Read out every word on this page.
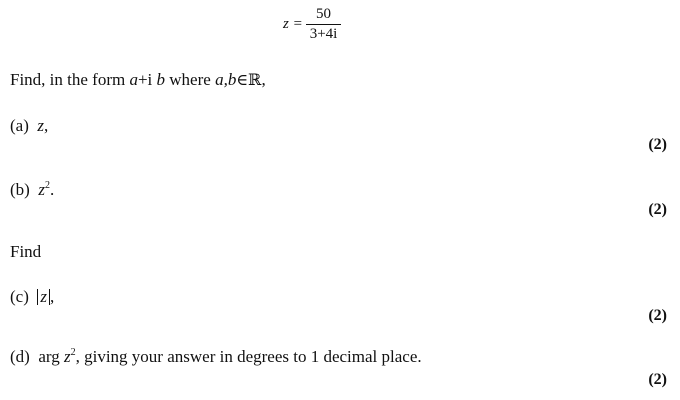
$z = \frac{50}{3+4i}$
Find, in the form a+i b where a,b∈ℝ,
(a) z,
(2)
(b) $z^2$.
(2)
Find
(c) z ,
(2)
(d) arg $z^2$, giving your answer in degrees to 1 decimal place.
(2)
